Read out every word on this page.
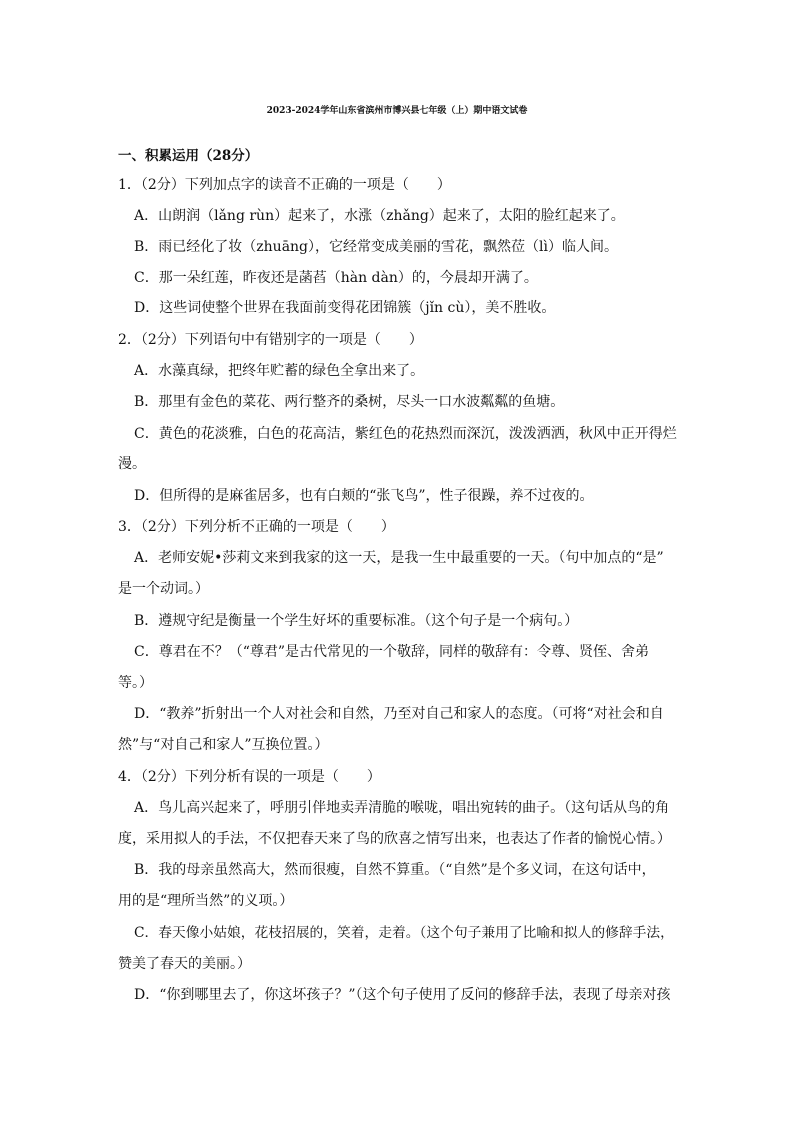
2023-2024学年山东省滨州市博兴县七年级（上）期中语文试卷
一、积累运用（28分）
1．（2分）下列加点字的读音不正确的一项是（　　）
A．山朗润（lǎng rùn）起来了，水涨（zhǎng）起来了，太阳的脸红起来了。
B．雨已经化了妆（zhuāng），它经常变成美丽的雪花，飘然莅（lì）临人间。
C．那一朵红莲，昨夜还是菡萏（hàn dàn）的，今晨却开满了。
D．这些词使整个世界在我面前变得花团锦簇（jǐn cù），美不胜收。
2．（2分）下列语句中有错别字的一项是（　　）
A．水藻真绿，把终年贮蓄的绿色全拿出来了。
B．那里有金色的菜花、两行整齐的桑树，尽头一口水波粼粼的鱼塘。
C．黄色的花淡雅，白色的花高洁，紫红色的花热烈而深沉，泼泼洒洒，秋风中正开得烂
漫。
D．但所得的是麻雀居多，也有白颊的“张飞鸟”，性子很躁，养不过夜的。
3．（2分）下列分析不正确的一项是（　　）
A．老师安妮•莎莉文来到我家的这一天，是我一生中最重要的一天。（句中加点的“是”
是一个动词。）
B．遵规守纪是衡量一个学生好坏的重要标准。（这个句子是一个病句。）
C．尊君在不？（“尊君”是古代常见的一个敬辞，同样的敬辞有：令尊、贤侄、舍弟
等。）
D．“教养”折射出一个人对社会和自然，乃至对自己和家人的态度。（可将“对社会和自
然”与“对自己和家人”互换位置。）
4．（2分）下列分析有误的一项是（　　）
A．鸟儿高兴起来了，呼朋引伴地卖弄清脆的喉咙，唱出宛转的曲子。（这句话从鸟的角
度，采用拟人的手法，不仅把春天来了鸟的欣喜之情写出来，也表达了作者的愉悦心情。）
B．我的母亲虽然高大，然而很瘦，自然不算重。（“自然”是个多义词，在这句话中，
用的是“理所当然”的义项。）
C．春天像小姑娘，花枝招展的，笑着，走着。（这个句子兼用了比喻和拟人的修辞手法，
赞美了春天的美丽。）
D．“你到哪里去了，你这坏孩子？”（这个句子使用了反问的修辞手法，表现了母亲对孩
